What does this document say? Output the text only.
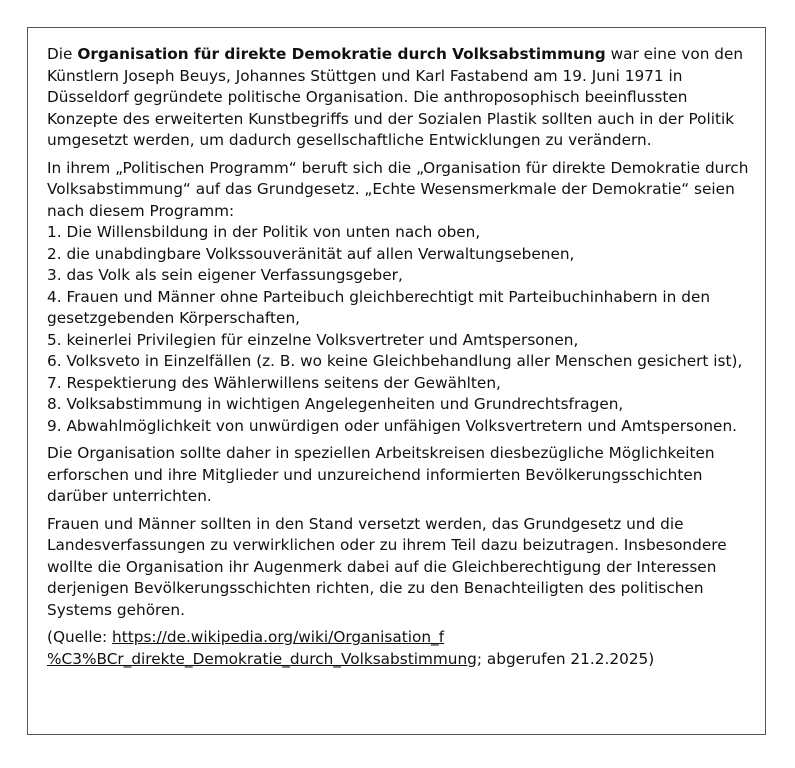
Die Organisation für direkte Demokratie durch Volksabstimmung war eine von den Künstlern Joseph Beuys, Johannes Stüttgen und Karl Fastabend am 19. Juni 1971 in Düsseldorf gegründete politische Organisation. Die anthroposophisch beeinflussten Konzepte des erweiterten Kunstbegriffs und der Sozialen Plastik sollten auch in der Politik umgesetzt werden, um dadurch gesellschaftliche Entwicklungen zu verändern.

In ihrem „Politischen Programm“ beruft sich die „Organisation für direkte Demokratie durch Volksabstimmung“ auf das Grundgesetz. „Echte Wesensmerkmale der Demokratie“ seien nach diesem Programm:
1. Die Willensbildung in der Politik von unten nach oben,
2. die unabdingbare Volkssouveränität auf allen Verwaltungsebenen,
3. das Volk als sein eigener Verfassungsgeber,
4. Frauen und Männer ohne Parteibuch gleichberechtigt mit Parteibuchinhabern in den gesetzgebenden Körperschaften,
5. keinerlei Privilegien für einzelne Volksvertreter und Amtspersonen,
6. Volksveto in Einzelfällen (z. B. wo keine Gleichbehandlung aller Menschen gesichert ist),
7. Respektierung des Wählerwillens seitens der Gewählten,
8. Volksabstimmung in wichtigen Angelegenheiten und Grundrechtsfragen,
9. Abwahlmöglichkeit von unwürdigen oder unfähigen Volksvertretern und Amtspersonen.

Die Organisation sollte daher in speziellen Arbeitskreisen diesbezügliche Möglichkeiten erforschen und ihre Mitglieder und unzureichend informierten Bevölkerungsschichten darüber unterrichten.

Frauen und Männer sollten in den Stand versetzt werden, das Grundgesetz und die Landesverfassungen zu verwirklichen oder zu ihrem Teil dazu beizutragen. Insbesondere wollte die Organisation ihr Augenmerk dabei auf die Gleichberechtigung der Interessen derjenigen Bevölkerungsschichten richten, die zu den Benachteiligten des politischen Systems gehören.

(Quelle: https://de.wikipedia.org/wiki/Organisation_f
%C3%BCr_direkte_Demokratie_durch_Volksabstimmung; abgerufen 21.2.2025)
